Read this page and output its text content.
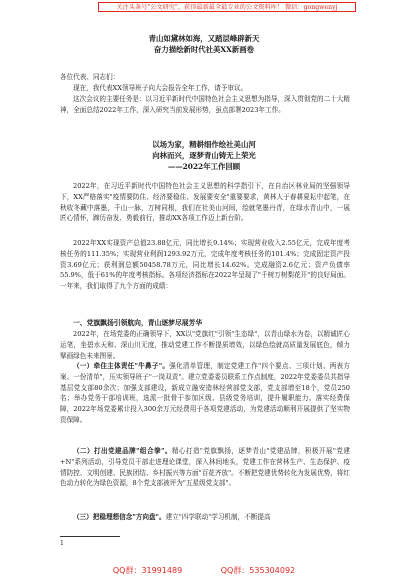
关注头条号"公文研究"，获得最新最全最专业的公文资料库！ 微信：gongwenyj
青山如黛林如海，又踏层峰辟新天
奋力描绘新时代社美XX新画卷
各位代表、同志们：
现在，我代表XX领导班子向大会报告全年工作，请予审议。
这次会议的主要任务是：以习近平新时代中国特色社会主义思想为指导，深入贯彻党的二十大精神，全面总结2022年工作，深入研究当前发展形势，虽点部署2023年工作。
以场为家，精耕细作绘社美山河
向林而兴，逐梦青山铸无上荣光
——2022年工作回顾
2022年，在习近平新时代中国特色社会主义思想的科学指引下，在自治区林业局的坚强领导下，XX严格落实"疫情要防住、经济要稳住、发展要安全"重要要求，黄林人于春耕夏耘中起笔，在秋收冬藏中落墨，千山一脉，万树同根，我们在社美山河间，绘就笔墨丹青，在绿水青山中，一展匠心情怀，蹄历奋发、勇毅前行，推动XX各项工作迈上新台阶。
2022年XX实现资产总值23.88亿元，同比增长9.14%；实现营业收入2.55亿元，完成年度考核任务的111.35%；实现营业利润1293.92万元，完成年度考核任务的101.4%；完成固定资产投资3.69亿元；获利润总额50458.78万元，同比增长14.62%。完成融资2.6亿元；资产负债率55.9%，低于61%的年度考核指标。各项经济指标在2022年呈现了"千树万树梨花开"的良好局面。一年来，我们取得了九个方面的成绩：
一、党旗飘扬引领航向，青山逐梦尽展芳华
2022年，在场党委的正确领导下，XX以"党旗红"引领"生态绿"，以青山绿水为卷，以精诚匠心运笔，坐碧水天和、深山川无度，推动党建工作不断提质增效，以绿色绘就高质量发展底色，倾力擘画绿色未来图景。
（一）牵住主体责任"牛鼻子"。强化清单管理，制定党建工作"四个要点、三项计划、两表方案、一份清单"，压实领导班子"一岗双责"。建立党委委员联系工作点制度，2022年党委委员共指导基层党支部80余次；加强支部建设，新成立融安造林经营部党支部，党支部增至18个，党员250名；举办党务干部培训班，选派一批骨干参加区级、县级党务培训，提升履职能力。落实经费保障，2022年场党委累计投入300余万元经费用于各项党建活动，为党建活动顺利开展提供了坚实物资保障。
（二）打出党建品牌"组合拳"。精心打造"党旗飘扬，逐梦青山"党建品牌，积极开展"党建+N"系列活动，引导党员干部走进理论课堂，深入林间地头，党建工作在营林生产、生态保护、疫情防控、文明创建、民族团结、乡村振兴等方面"百花齐放"。不断把党建优势转化为发展优势，将红色动力转化为绿色资源，8个党支部被评为"五星级党支部"。
（三）把稳理想信念"方向盘"。建立"四学联动"学习机制，不断提高
1
QQ群：31991489	QQ群：535304092
